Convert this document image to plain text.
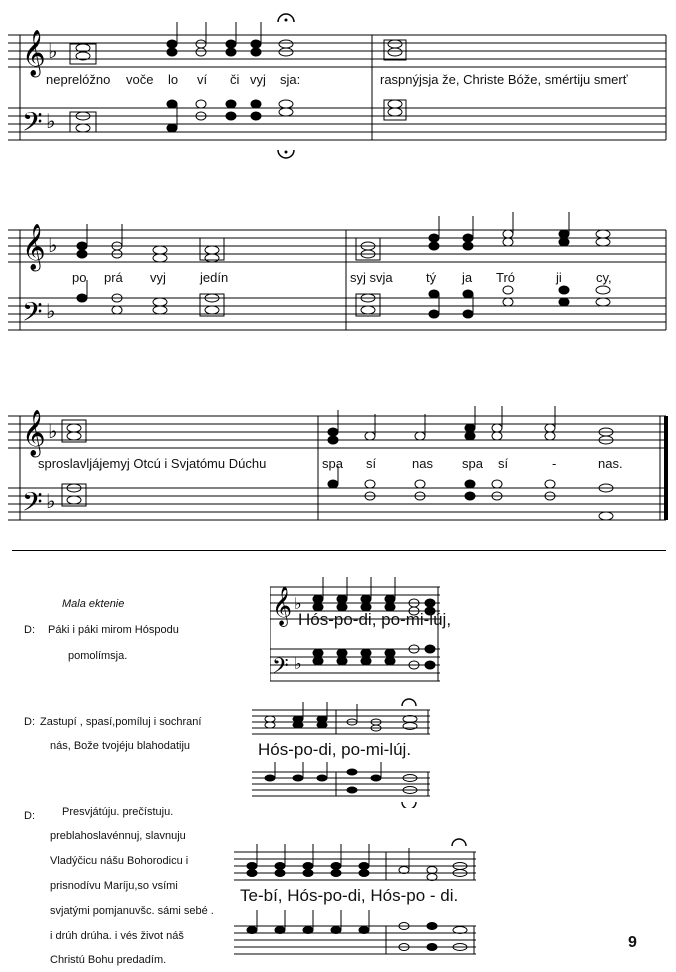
𝄞
𝄢
♭
♭
neprelóžno voče lo ví či vyj sja:	raspnýjsja že, Christe Bóže, smértiju smerť
𝄞
𝄢
♭
♭
po prá vyj	jedín	syj svja	tý ja Tró	ji	cy,
𝄞
𝄢
♭
♭
sproslavljájemyj Otcú i Svjatómu Dúchu	spa sí	nas spa sí	-	nas.
Mala ektenie
D: Páki i páki mirom Hóspodu
pomolímsja.
𝄞
𝄢
♭
♭
Hós-po-di, po-mi-lúj,
D: Zastupí , spasí,pomíluj i sochraní
nás, Bože tvojéju blahodatiju	Hós-po-di, po-mi-lúj.
D: Presvjátúju. prečístuju.
preblahoslavénnuj, slavnuju
Vladýčicu nášu Bohorodicu i
prisnodívu Maríju,so vsími
svjatými pomjanuvšc. sámi sebé .
i drúh drúha. i vés život náš
Christú Bohu predadím.
Te-bí, Hós-po-di, Hós-po - di.
9
